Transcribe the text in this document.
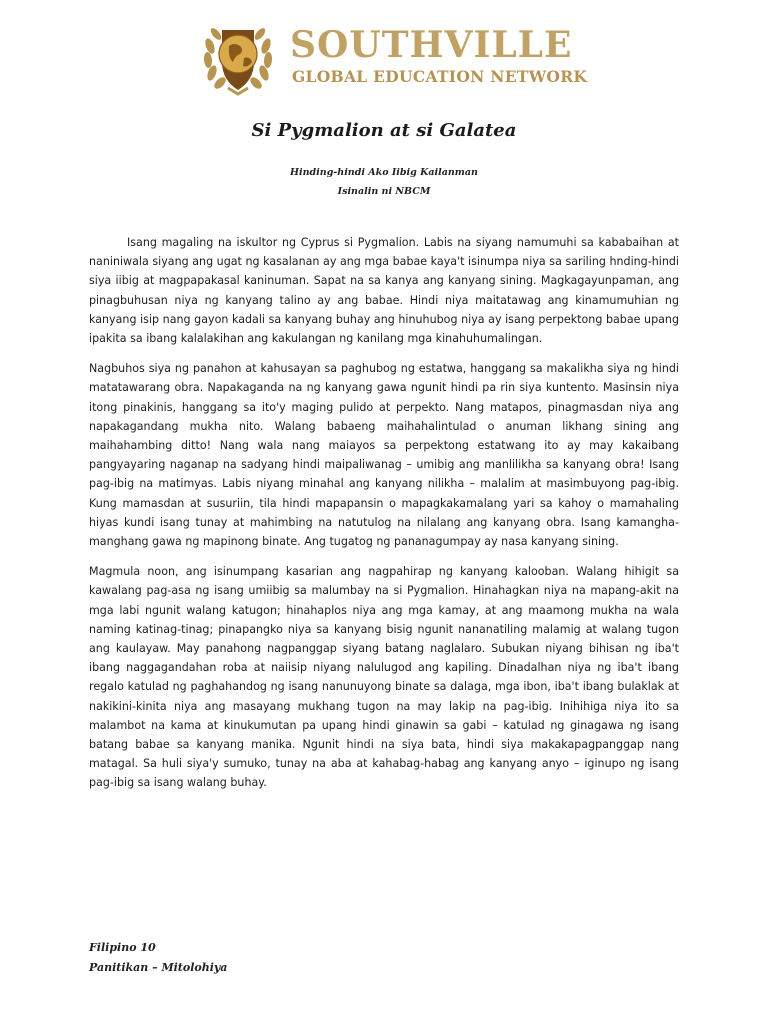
SOUTHVILLE
GLOBAL EDUCATION NETWORK
Si Pygmalion at si Galatea
Hinding-hindi Ako Iibig Kailanman
Isinalin ni NBCM

Isang magaling na iskultor ng Cyprus si Pygmalion. Labis na siyang namumuhi sa kababaihan at naniniwala siyang ang ugat ng kasalanan ay ang mga babae kaya't isinumpa niya sa sariling hnding-hindi siya iibig at magpapakasal kaninuman. Sapat na sa kanya ang kanyang sining. Magkagayunpaman, ang pinagbuhusan niya ng kanyang talino ay ang babae. Hindi niya maitatawag ang kinamumuhian ng kanyang isip nang gayon kadali sa kanyang buhay ang hinuhubog niya ay isang perpektong babae upang ipakita sa ibang kalalakihan ang kakulangan ng kanilang mga kinahuhumalingan.

Nagbuhos siya ng panahon at kahusayan sa paghubog ng estatwa, hanggang sa makalikha siya ng hindi matatawarang obra. Napakaganda na ng kanyang gawa ngunit hindi pa rin siya kuntento. Masinsin niya itong pinakinis, hanggang sa ito'y maging pulido at perpekto. Nang matapos, pinagmasdan niya ang napakagandang mukha nito. Walang babaeng maihahalintulad o anuman likhang sining ang maihahambing ditto! Nang wala nang maiayos sa perpektong estatwang ito ay may kakaibang pangyayaring naganap na sadyang hindi maipaliwanag – umibig ang manlilikha sa kanyang obra! Isang pag-ibig na matimyas. Labis niyang minahal ang kanyang nilikha – malalim at masimbuyong pag-ibig. Kung mamasdan at susuriin, tila hindi mapapansin o mapagkakamalang yari sa kahoy o mamahaling hiyas kundi isang tunay at mahimbing na natutulog na nilalang ang kanyang obra. Isang kamangha-manghang gawa ng mapinong binate. Ang tugatog ng pananagumpay ay nasa kanyang sining.

Magmula noon, ang isinumpang kasarian ang nagpahirap ng kanyang kalooban. Walang hihigit sa kawalang pag-asa ng isang umiibig sa malumbay na si Pygmalion. Hinahagkan niya na mapang-akit na mga labi ngunit walang katugon; hinahaplos niya ang mga kamay, at ang maamong mukha na wala naming katinag-tinag; pinapangko niya sa kanyang bisig ngunit nananatiling malamig at walang tugon ang kaulayaw. May panahong nagpanggap siyang batang naglalaro. Subukan niyang bihisan ng iba't ibang naggagandahan roba at naiisip niyang nalulugod ang kapiling. Dinadalhan niya ng iba't ibang regalo katulad ng paghahandog ng isang nanunuyong binate sa dalaga, mga ibon, iba't ibang bulaklak at nakikini-kinita niya ang masayang mukhang tugon na may lakip na pag-ibig. Inihihiga niya ito sa malambot na kama at kinukumutan pa upang hindi ginawin sa gabi – katulad ng ginagawa ng isang batang babae sa kanyang manika. Ngunit hindi na siya bata, hindi siya makakapagpanggap nang matagal. Sa huli siya'y sumuko, tunay na aba at kahabag-habag ang kanyang anyo – iginupo ng isang pag-ibig sa isang walang buhay.

Filipino 10
Panitikan – Mitolohiya
